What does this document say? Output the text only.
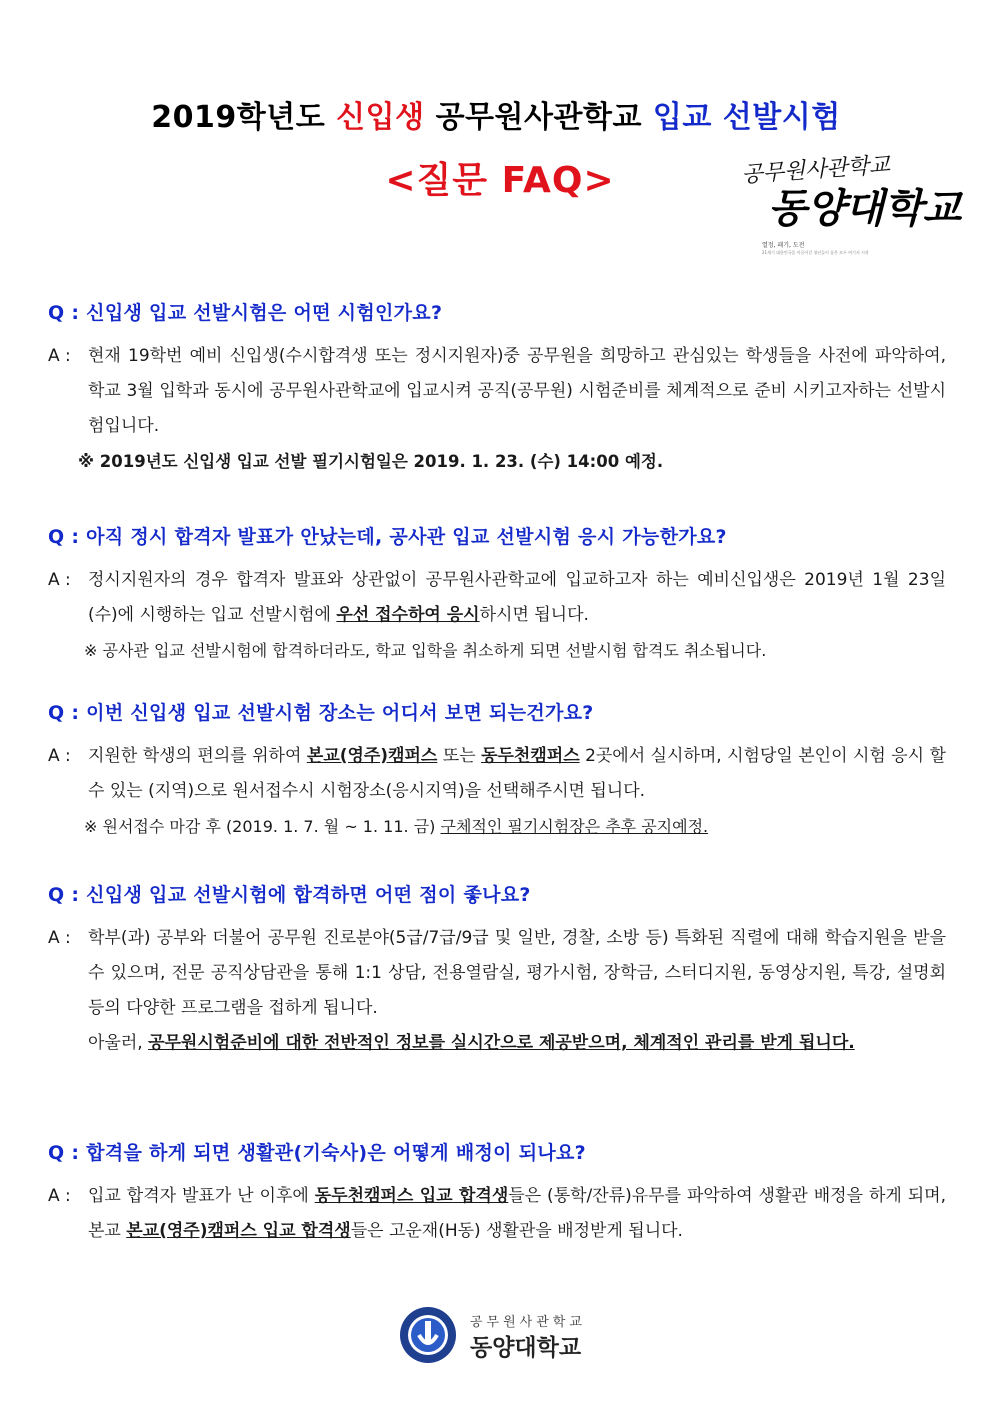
2019학년도 신입생 공무원사관학교 입교 선발시험
<질문 FAQ>	공무원사관학교
동양대학교
열정, 패기, 도전
21세기 대한민국을 이끌어갈 청년들이 꿈은 모두 여기서 시작
Q : 신입생 입교 선발시험은 어떤 시험인가요?
A : 현재 19학번 예비 신입생(수시합격생 또는 정시지원자)중 공무원을 희망하고 관심있는 학생들을 사전에 파악하여, 학교 3월 입학과 동시에 공무원사관학교에 입교시켜 공직(공무원) 시험준비를 체계적으로 준비 시키고자하는 선발시험입니다.
※ 2019년도 신입생 입교 선발 필기시험일은 2019. 1. 23. (수) 14:00 예정.
Q : 아직 정시 합격자 발표가 안났는데, 공사관 입교 선발시험 응시 가능한가요?
A : 정시지원자의 경우 합격자 발표와 상관없이 공무원사관학교에 입교하고자 하는 예비신입생은 2019년 1월 23일 (수)에 시행하는 입교 선발시험에 우선 접수하여 응시하시면 됩니다.
※ 공사관 입교 선발시험에 합격하더라도, 학교 입학을 취소하게 되면 선발시험 합격도 취소됩니다.
Q : 이번 신입생 입교 선발시험 장소는 어디서 보면 되는건가요?
A : 지원한 학생의 편의를 위하여 본교(영주)캠퍼스 또는 동두천캠퍼스 2곳에서 실시하며, 시험당일 본인이 시험 응시 할 수 있는 (지역)으로 원서접수시 시험장소(응시지역)을 선택해주시면 됩니다.
※ 원서접수 마감 후 (2019. 1. 7. 월 ~ 1. 11. 금) 구체적인 필기시험장은 추후 공지예정.
Q : 신입생 입교 선발시험에 합격하면 어떤 점이 좋나요?
A : 학부(과) 공부와 더불어 공무원 진로분야(5급/7급/9급 및 일반, 경찰, 소방 등) 특화된 직렬에 대해 학습지원을 받을 수 있으며, 전문 공직상담관을 통해 1:1 상담, 전용열람실, 평가시험, 장학금, 스터디지원, 동영상지원, 특강, 설명회 등의 다양한 프로그램을 접하게 됩니다.
아울러, 공무원시험준비에 대한 전반적인 정보를 실시간으로 제공받으며, 체계적인 관리를 받게 됩니다.
Q : 합격을 하게 되면 생활관(기숙사)은 어떻게 배정이 되나요?
A : 입교 합격자 발표가 난 이후에 동두천캠퍼스 입교 합격생들은 (통학/잔류)유무를 파악하여 생활관 배정을 하게 되며, 본교 본교(영주)캠퍼스 입교 합격생들은 고운재(H동) 생활관을 배정받게 됩니다.
공무원사관학교
동양대학교
